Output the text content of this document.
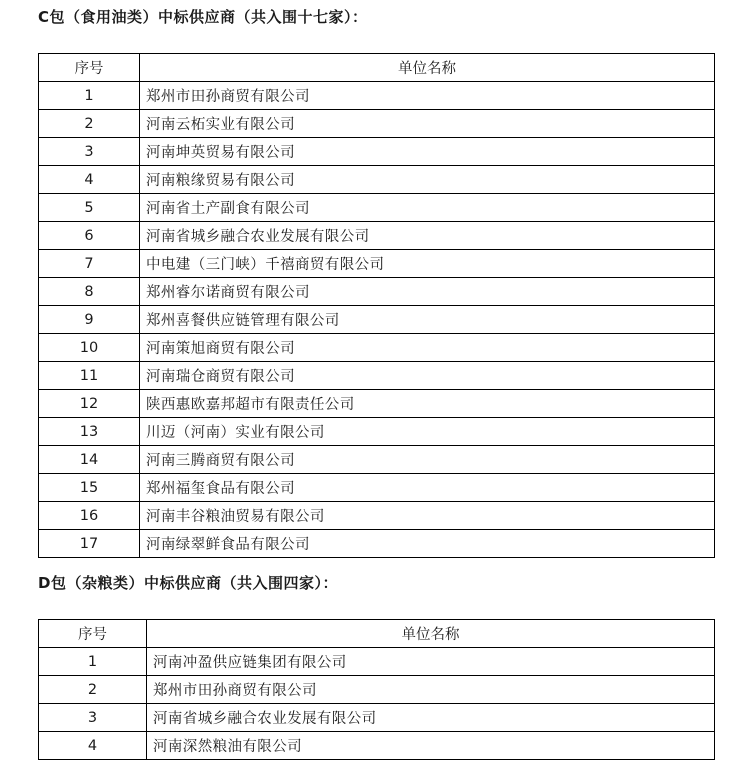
C包（食用油类）中标供应商（共入围十七家）：
序号	单位名称
1	郑州市田孙商贸有限公司
2	河南云柘实业有限公司
3	河南坤英贸易有限公司
4	河南粮缘贸易有限公司
5	河南省土产副食有限公司
6	河南省城乡融合农业发展有限公司
7	中电建（三门峡）千禧商贸有限公司
8	郑州睿尔诺商贸有限公司
9	郑州喜餐供应链管理有限公司
10	河南策旭商贸有限公司
11	河南瑞仓商贸有限公司
12	陕西惠欧嘉邦超市有限责任公司
13	川迈（河南）实业有限公司
14	河南三腾商贸有限公司
15	郑州福玺食品有限公司
16	河南丰谷粮油贸易有限公司
17	河南绿翠鲜食品有限公司
D包（杂粮类）中标供应商（共入围四家）：
序号	单位名称
1	河南冲盈供应链集团有限公司
2	郑州市田孙商贸有限公司
3	河南省城乡融合农业发展有限公司
4	河南深然粮油有限公司
